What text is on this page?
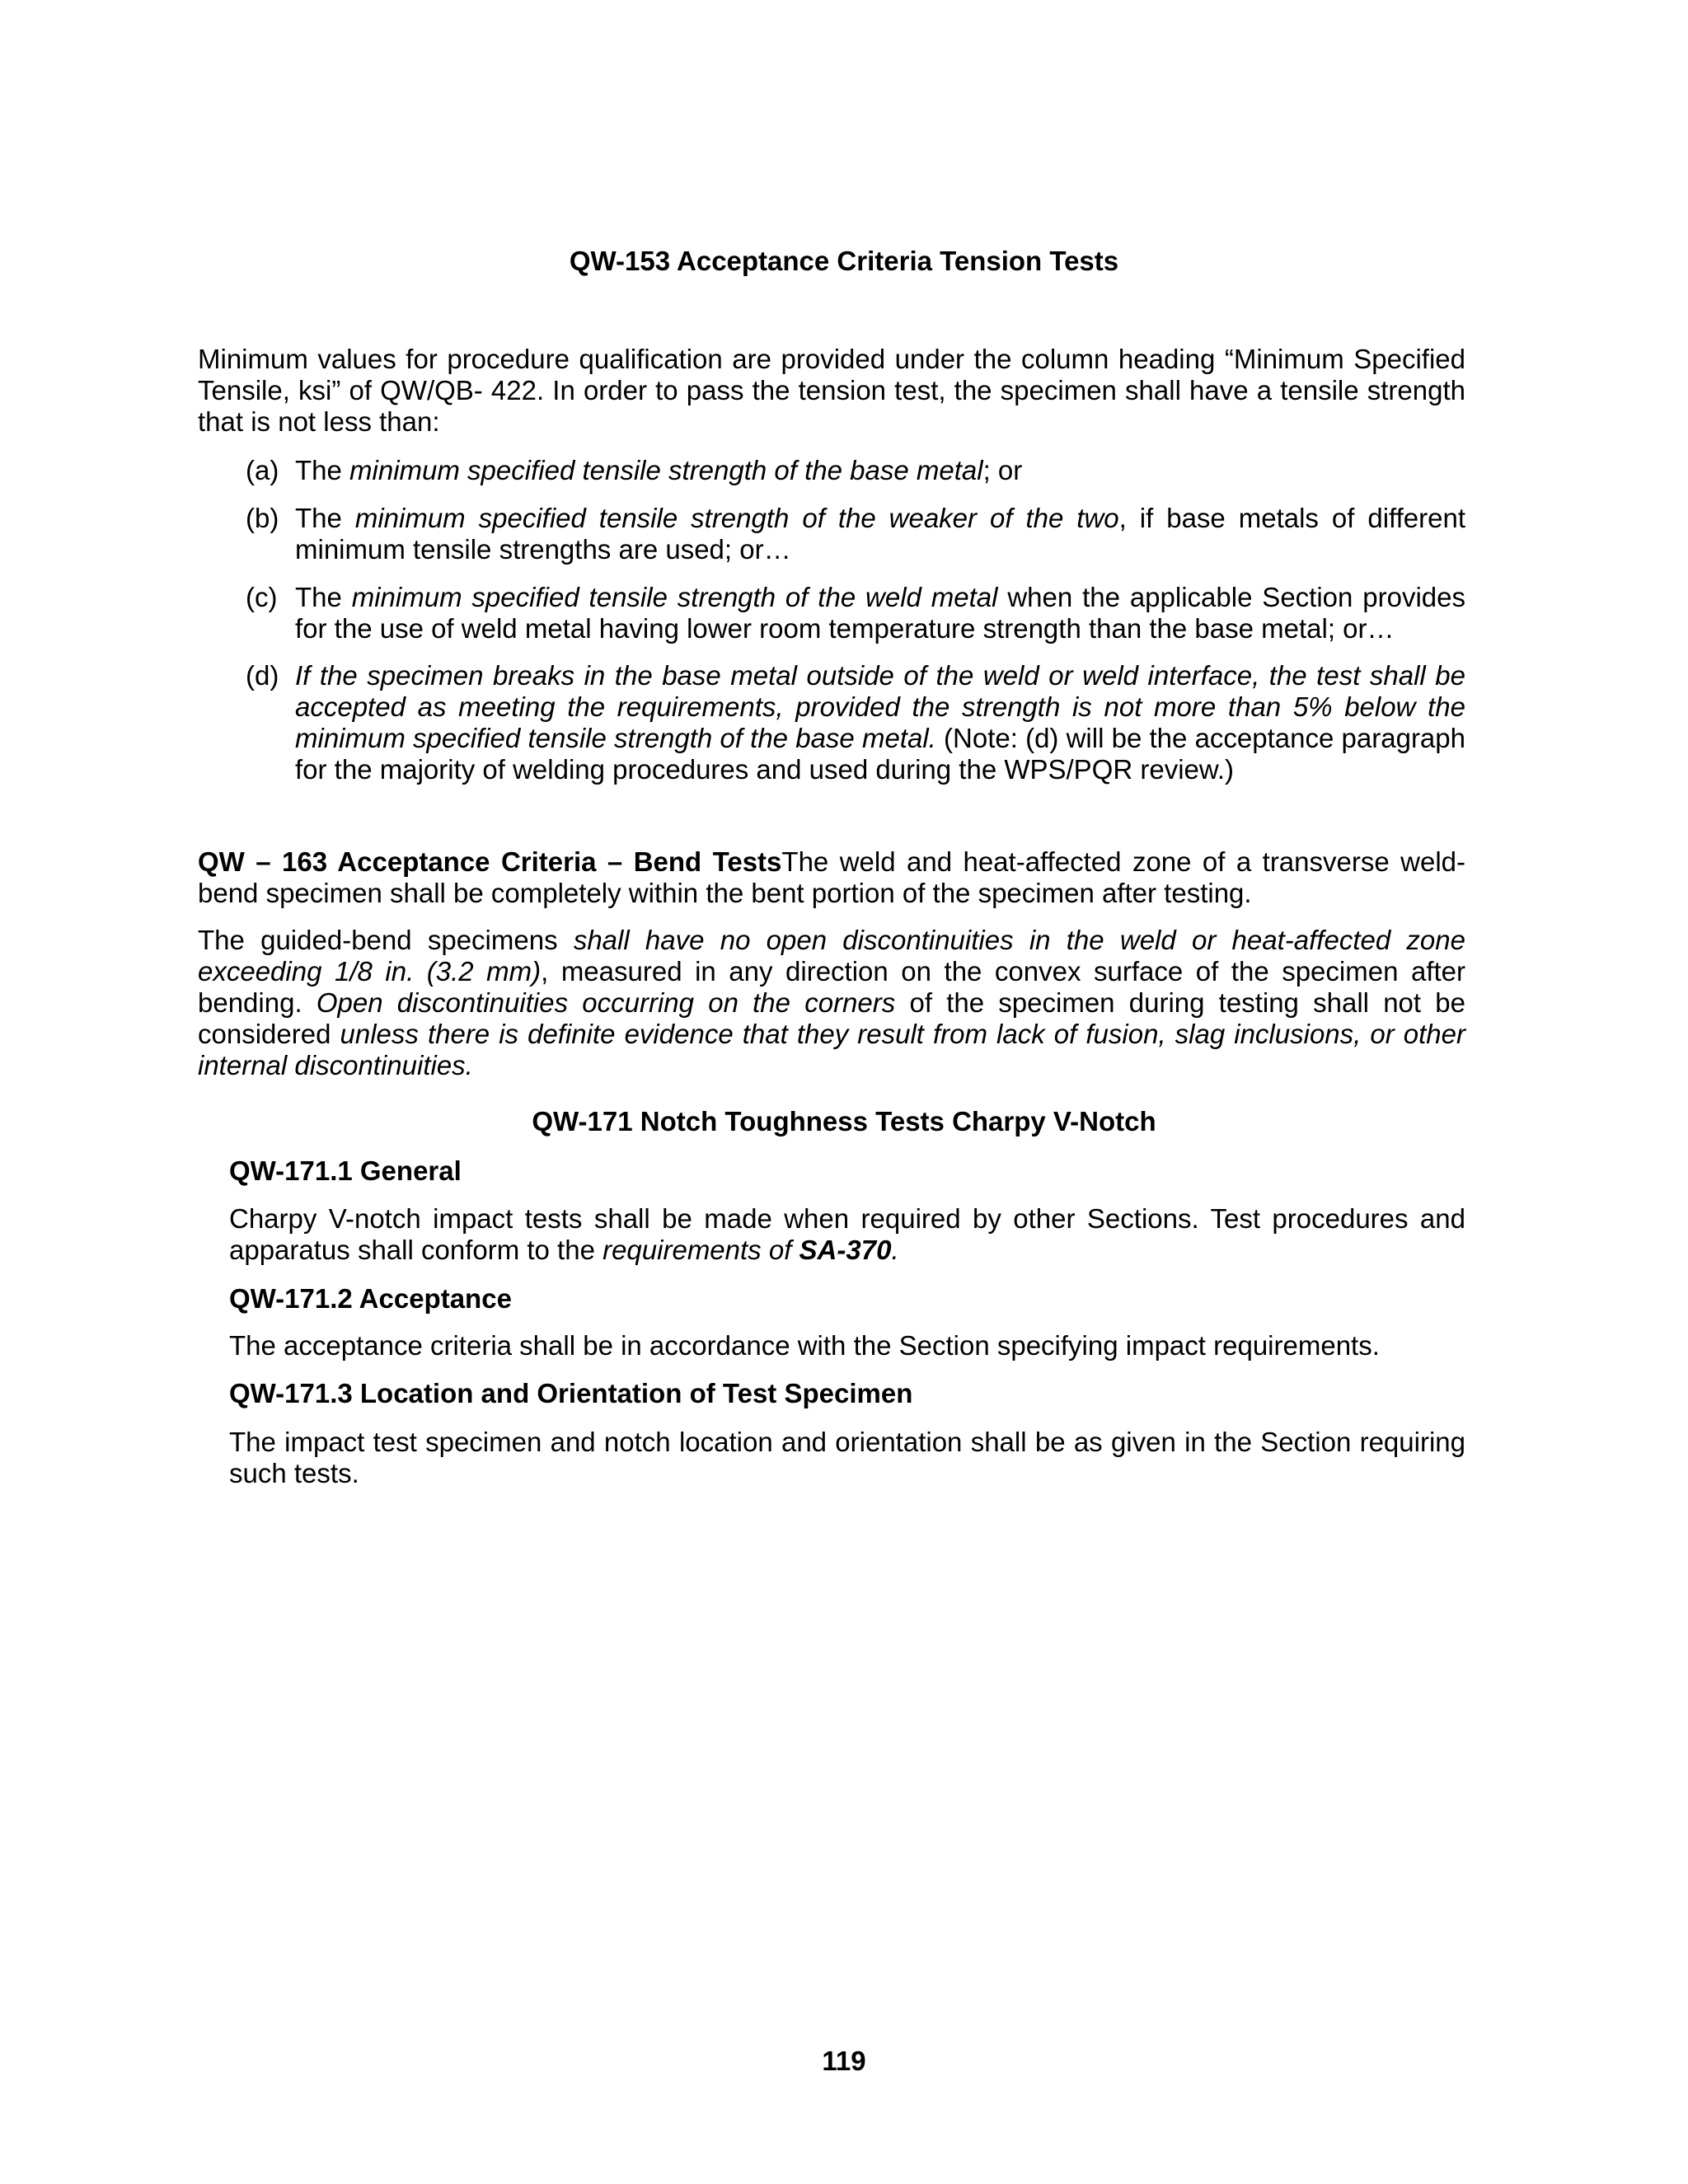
QW-153 Acceptance Criteria Tension Tests

Minimum values for procedure qualification are provided under the column heading “Minimum Specified Tensile, ksi” of QW/QB- 422. In order to pass the tension test, the specimen shall have a tensile strength that is not less than:

(a) The minimum specified tensile strength of the base metal; or
(b) The minimum specified tensile strength of the weaker of the two, if base metals of different minimum tensile strengths are used; or…
(c) The minimum specified tensile strength of the weld metal when the applicable Section provides for the use of weld metal having lower room temperature strength than the base metal; or…
(d) If the specimen breaks in the base metal outside of the weld or weld interface, the test shall be accepted as meeting the requirements, provided the strength is not more than 5% below the minimum specified tensile strength of the base metal. (Note: (d) will be the acceptance paragraph for the majority of welding procedures and used during the WPS/PQR review.)

QW – 163 Acceptance Criteria – Bend TestsThe weld and heat-affected zone of a transverse weld-bend specimen shall be completely within the bent portion of the specimen after testing.

The guided-bend specimens shall have no open discontinuities in the weld or heat-affected zone exceeding 1/8 in. (3.2 mm), measured in any direction on the convex surface of the specimen after bending. Open discontinuities occurring on the corners of the specimen during testing shall not be considered unless there is definite evidence that they result from lack of fusion, slag inclusions, or other internal discontinuities.

QW-171 Notch Toughness Tests Charpy V-Notch
QW-171.1 General

Charpy V-notch impact tests shall be made when required by other Sections. Test procedures and apparatus shall conform to the requirements of SA-370.

QW-171.2 Acceptance

The acceptance criteria shall be in accordance with the Section specifying impact requirements.

QW-171.3 Location and Orientation of Test Specimen

The impact test specimen and notch location and orientation shall be as given in the Section requiring such tests.

119
